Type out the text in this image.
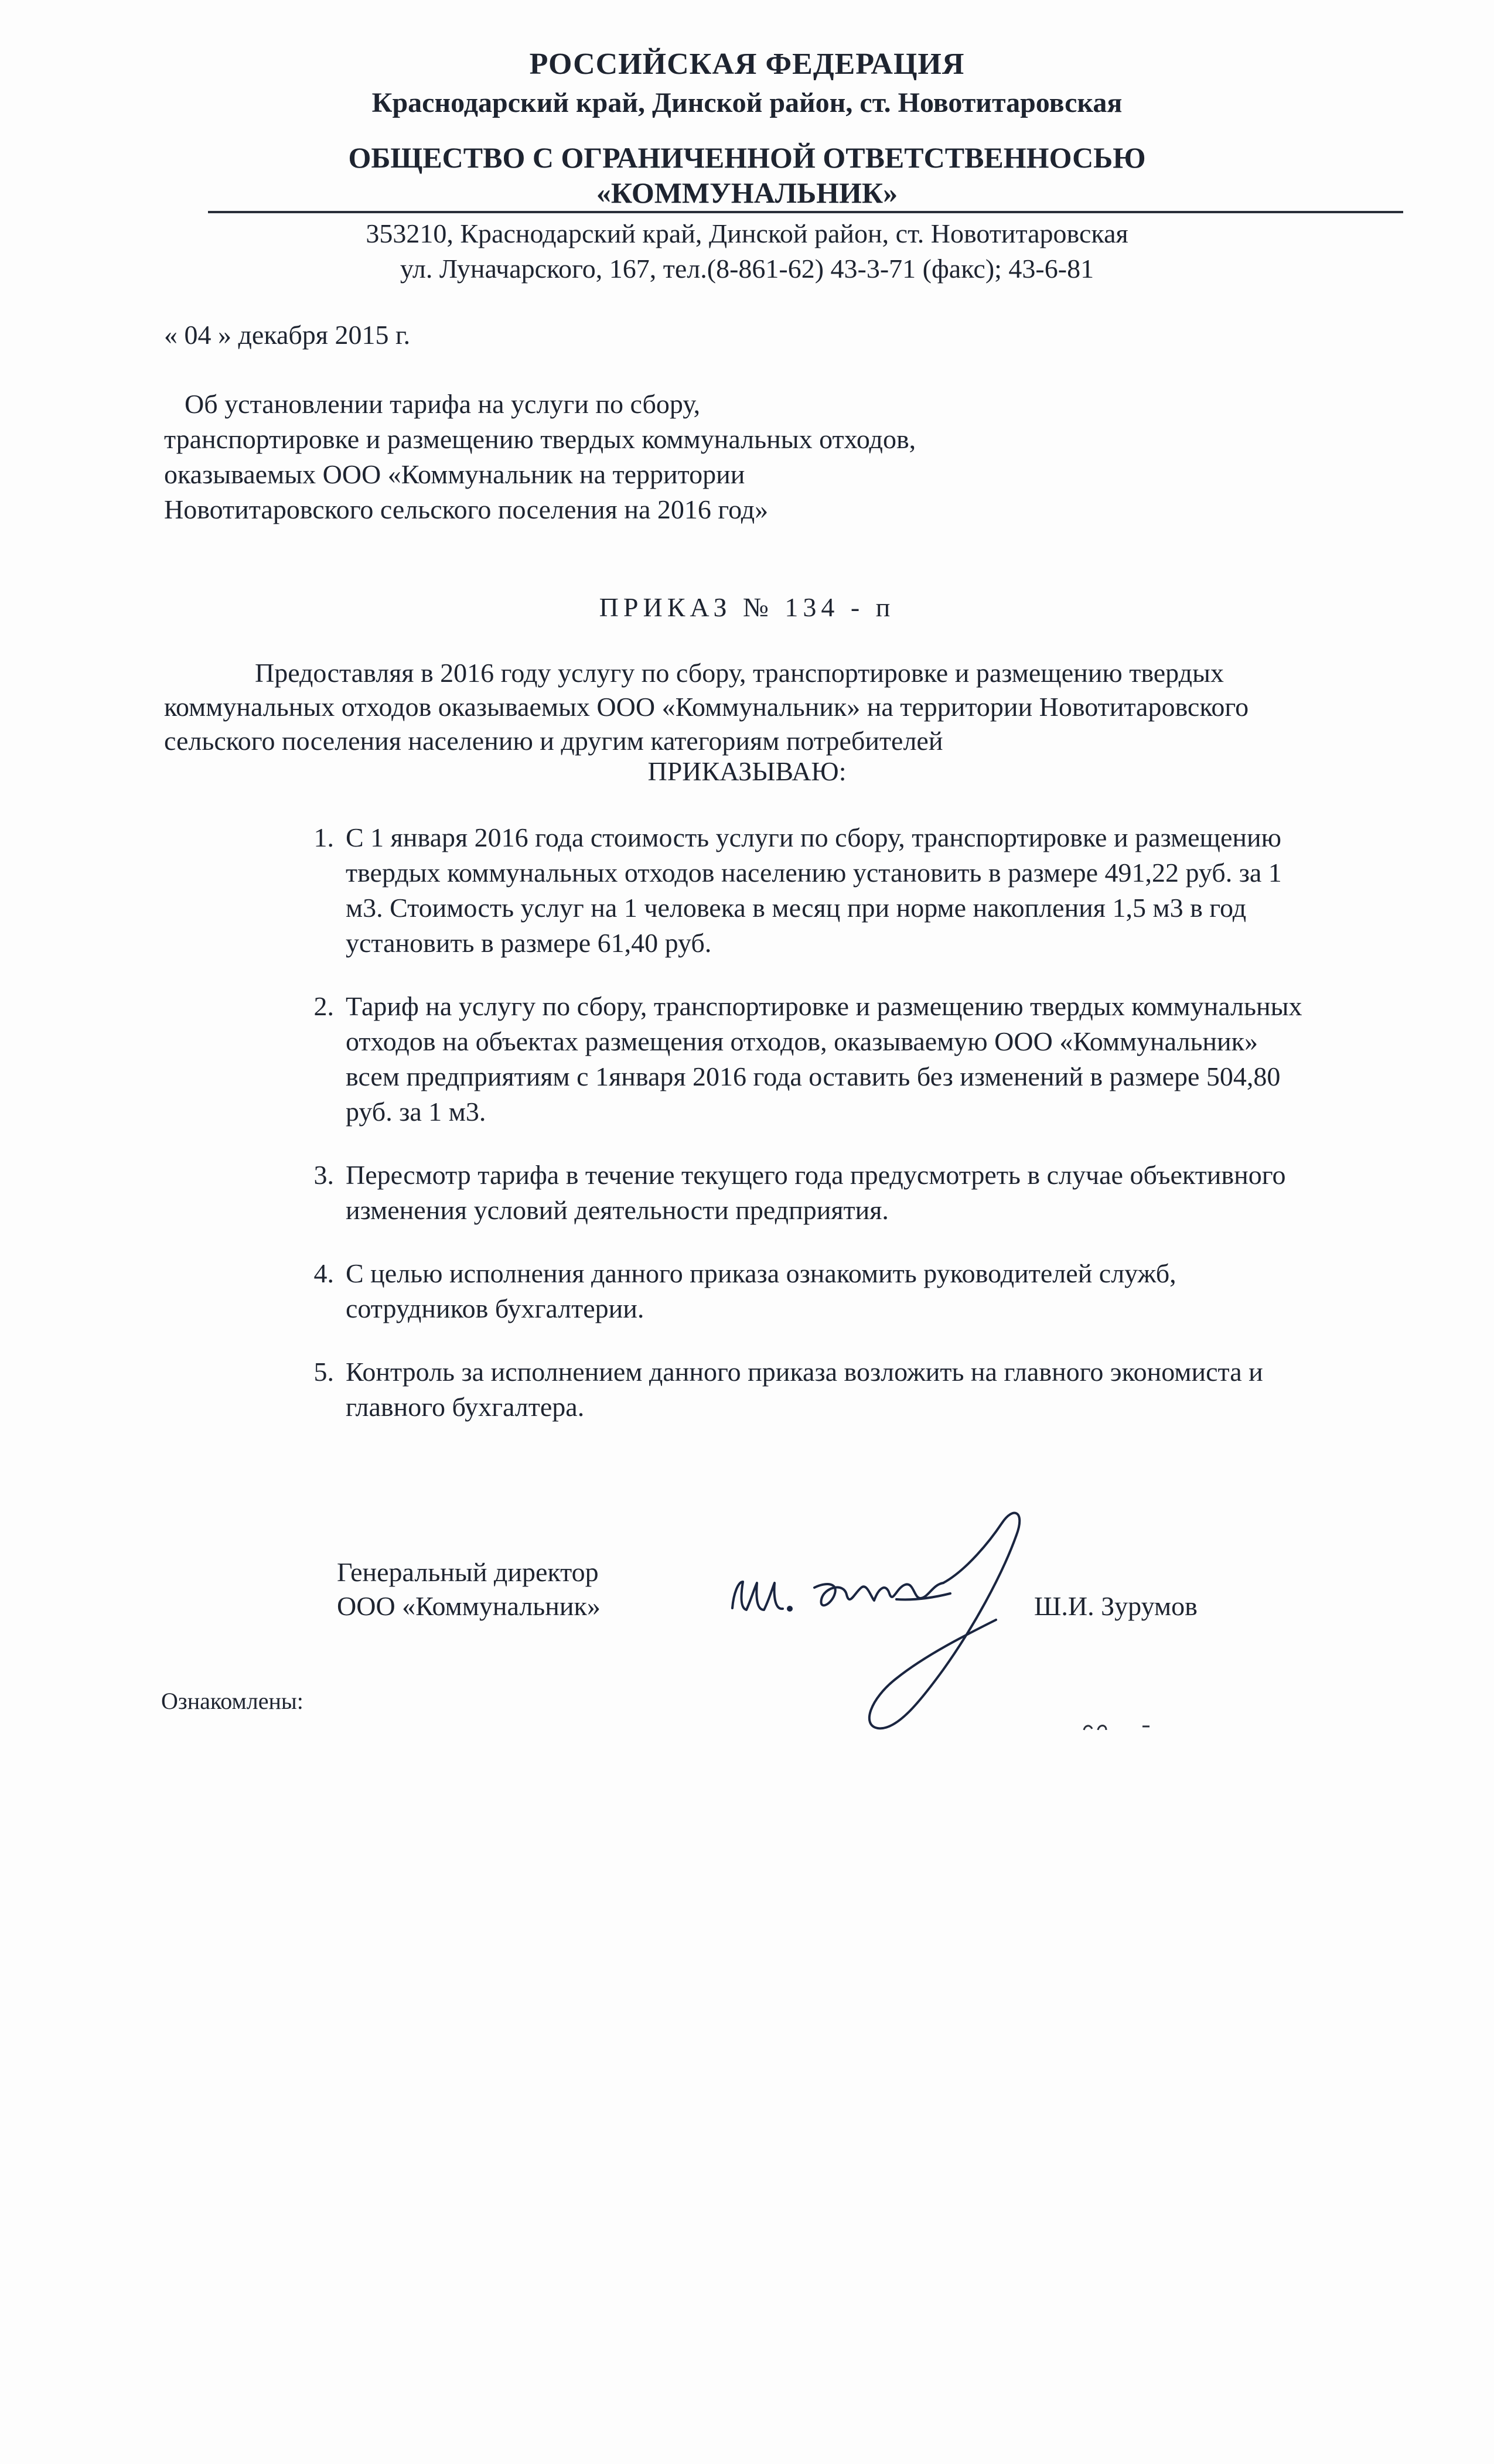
РОССИЙСКАЯ ФЕДЕРАЦИЯ
Краснодарский край, Динской район, ст. Новотитаровская
ОБЩЕСТВО С ОГРАНИЧЕННОЙ ОТВЕТСТВЕННОСЬЮ
«КОММУНАЛЬНИК»
353210, Краснодарский край, Динской район, ст. Новотитаровская
ул. Луначарского, 167, тел.(8-861-62) 43-3-71 (факс); 43-6-81
« 04 » декабря 2015 г.
Об установлении тарифа на услуги по сбору,
транспортировке и размещению твердых коммунальных отходов,
оказываемых ООО «Коммунальник на территории
Новотитаровского сельского поселения на 2016 год»
ПРИКАЗ № 134 - п
Предоставляя в 2016 году услугу по сбору, транспортировке и размещению твердых
коммунальных отходов оказываемых ООО «Коммунальник» на территории Новотитаровского
сельского поселения населению и другим категориям потребителей
ПРИКАЗЫВАЮ:
1. С 1 января 2016 года стоимость услуги по сбору, транспортировке и размещению
твердых коммунальных отходов населению установить в размере 491,22 руб. за 1
м3. Стоимость услуг на 1 человека в месяц при норме накопления 1,5 м3 в год
установить в размере 61,40 руб.
2. Тариф на услугу по сбору, транспортировке и размещению твердых коммунальных
отходов на объектах размещения отходов, оказываемую ООО «Коммунальник»
всем предприятиям с 1января 2016 года оставить без изменений в размере 504,80
руб. за 1 м3.
3. Пересмотр тарифа в течение текущего года предусмотреть в случае объективного
изменения условий деятельности предприятия.
4. С целью исполнения данного приказа ознакомить руководителей служб,
сотрудников бухгалтерии.
5. Контроль за исполнением данного приказа возложить на главного экономиста и
главного бухгалтера.
Генеральный директор
ООО «Коммунальник»	Ш.И. Зурумов
Ознакомлены:
